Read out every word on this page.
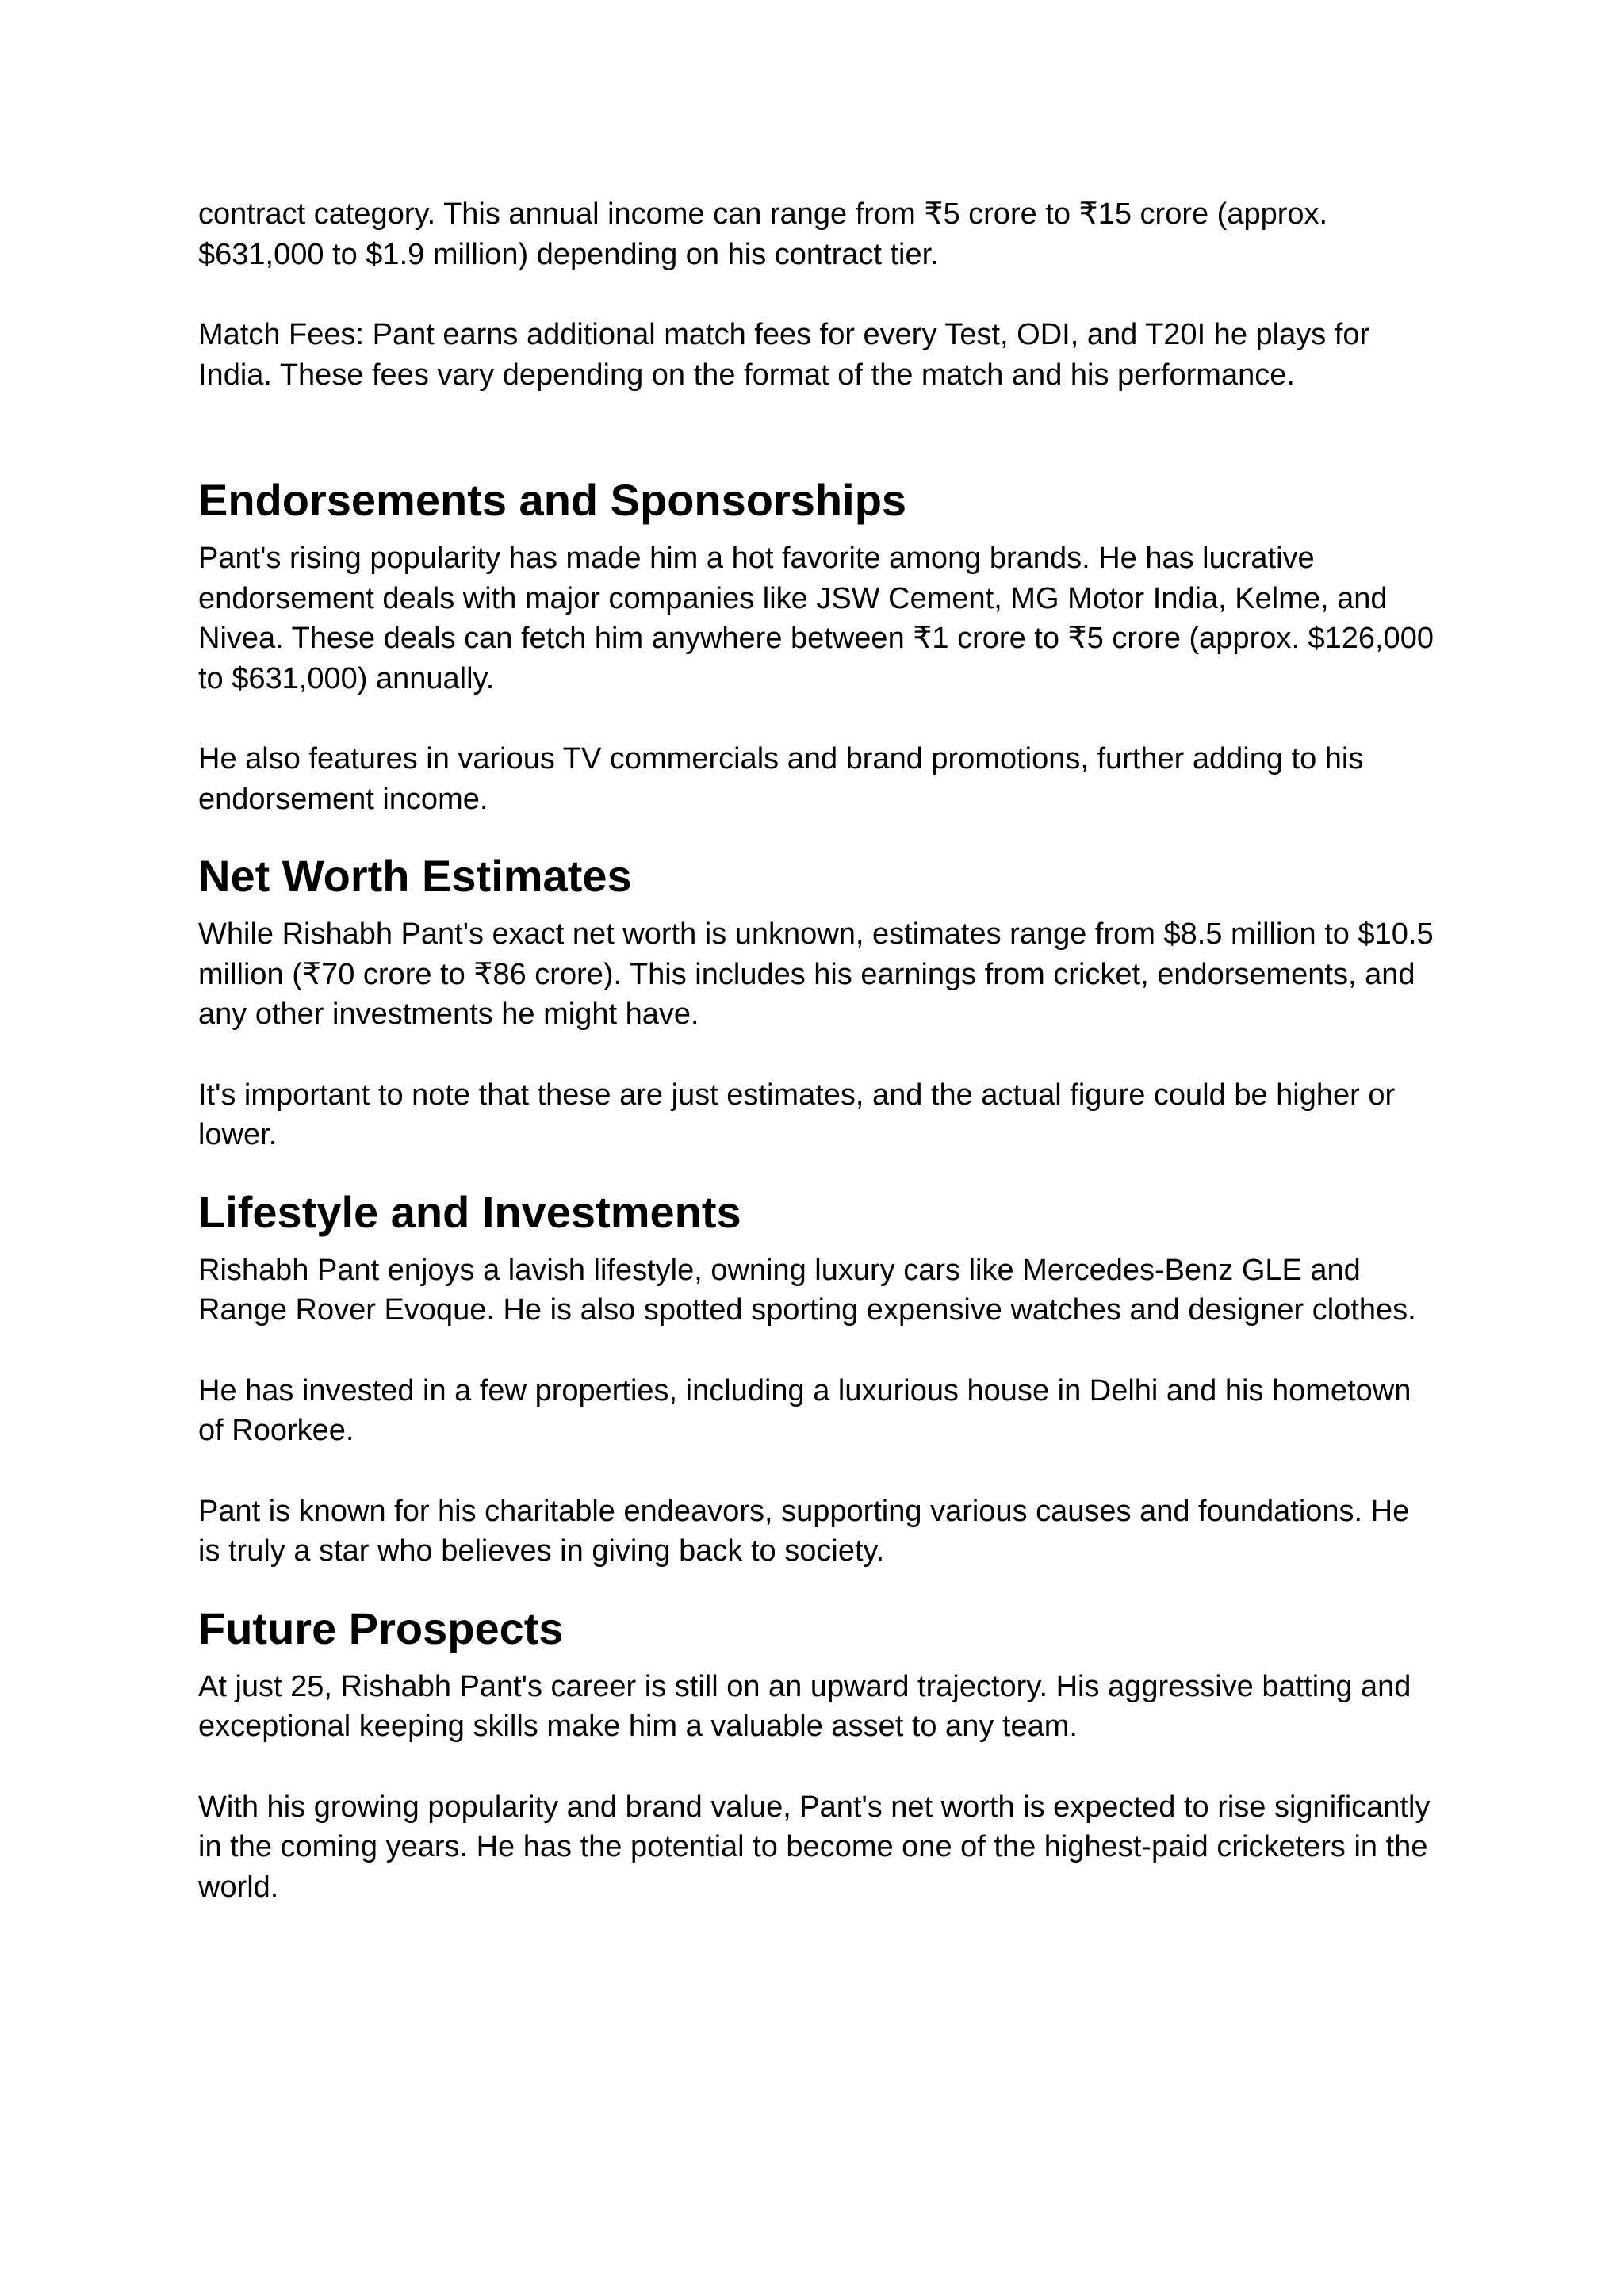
contract category. This annual income can range from ₹5 crore to ₹15 crore (approx.
$631,000 to $1.9 million) depending on his contract tier.

Match Fees: Pant earns additional match fees for every Test, ODI, and T20I he plays for
India. These fees vary depending on the format of the match and his performance.

Endorsements and Sponsorships

Pant's rising popularity has made him a hot favorite among brands. He has lucrative
endorsement deals with major companies like JSW Cement, MG Motor India, Kelme, and
Nivea. These deals can fetch him anywhere between ₹1 crore to ₹5 crore (approx. $126,000
to $631,000) annually.

He also features in various TV commercials and brand promotions, further adding to his
endorsement income.

Net Worth Estimates

While Rishabh Pant's exact net worth is unknown, estimates range from $8.5 million to $10.5
million (₹70 crore to ₹86 crore). This includes his earnings from cricket, endorsements, and
any other investments he might have.

It's important to note that these are just estimates, and the actual figure could be higher or
lower.

Lifestyle and Investments

Rishabh Pant enjoys a lavish lifestyle, owning luxury cars like Mercedes-Benz GLE and
Range Rover Evoque. He is also spotted sporting expensive watches and designer clothes.

He has invested in a few properties, including a luxurious house in Delhi and his hometown
of Roorkee.

Pant is known for his charitable endeavors, supporting various causes and foundations. He
is truly a star who believes in giving back to society.

Future Prospects

At just 25, Rishabh Pant's career is still on an upward trajectory. His aggressive batting and
exceptional keeping skills make him a valuable asset to any team.

With his growing popularity and brand value, Pant's net worth is expected to rise significantly
in the coming years. He has the potential to become one of the highest-paid cricketers in the
world.
